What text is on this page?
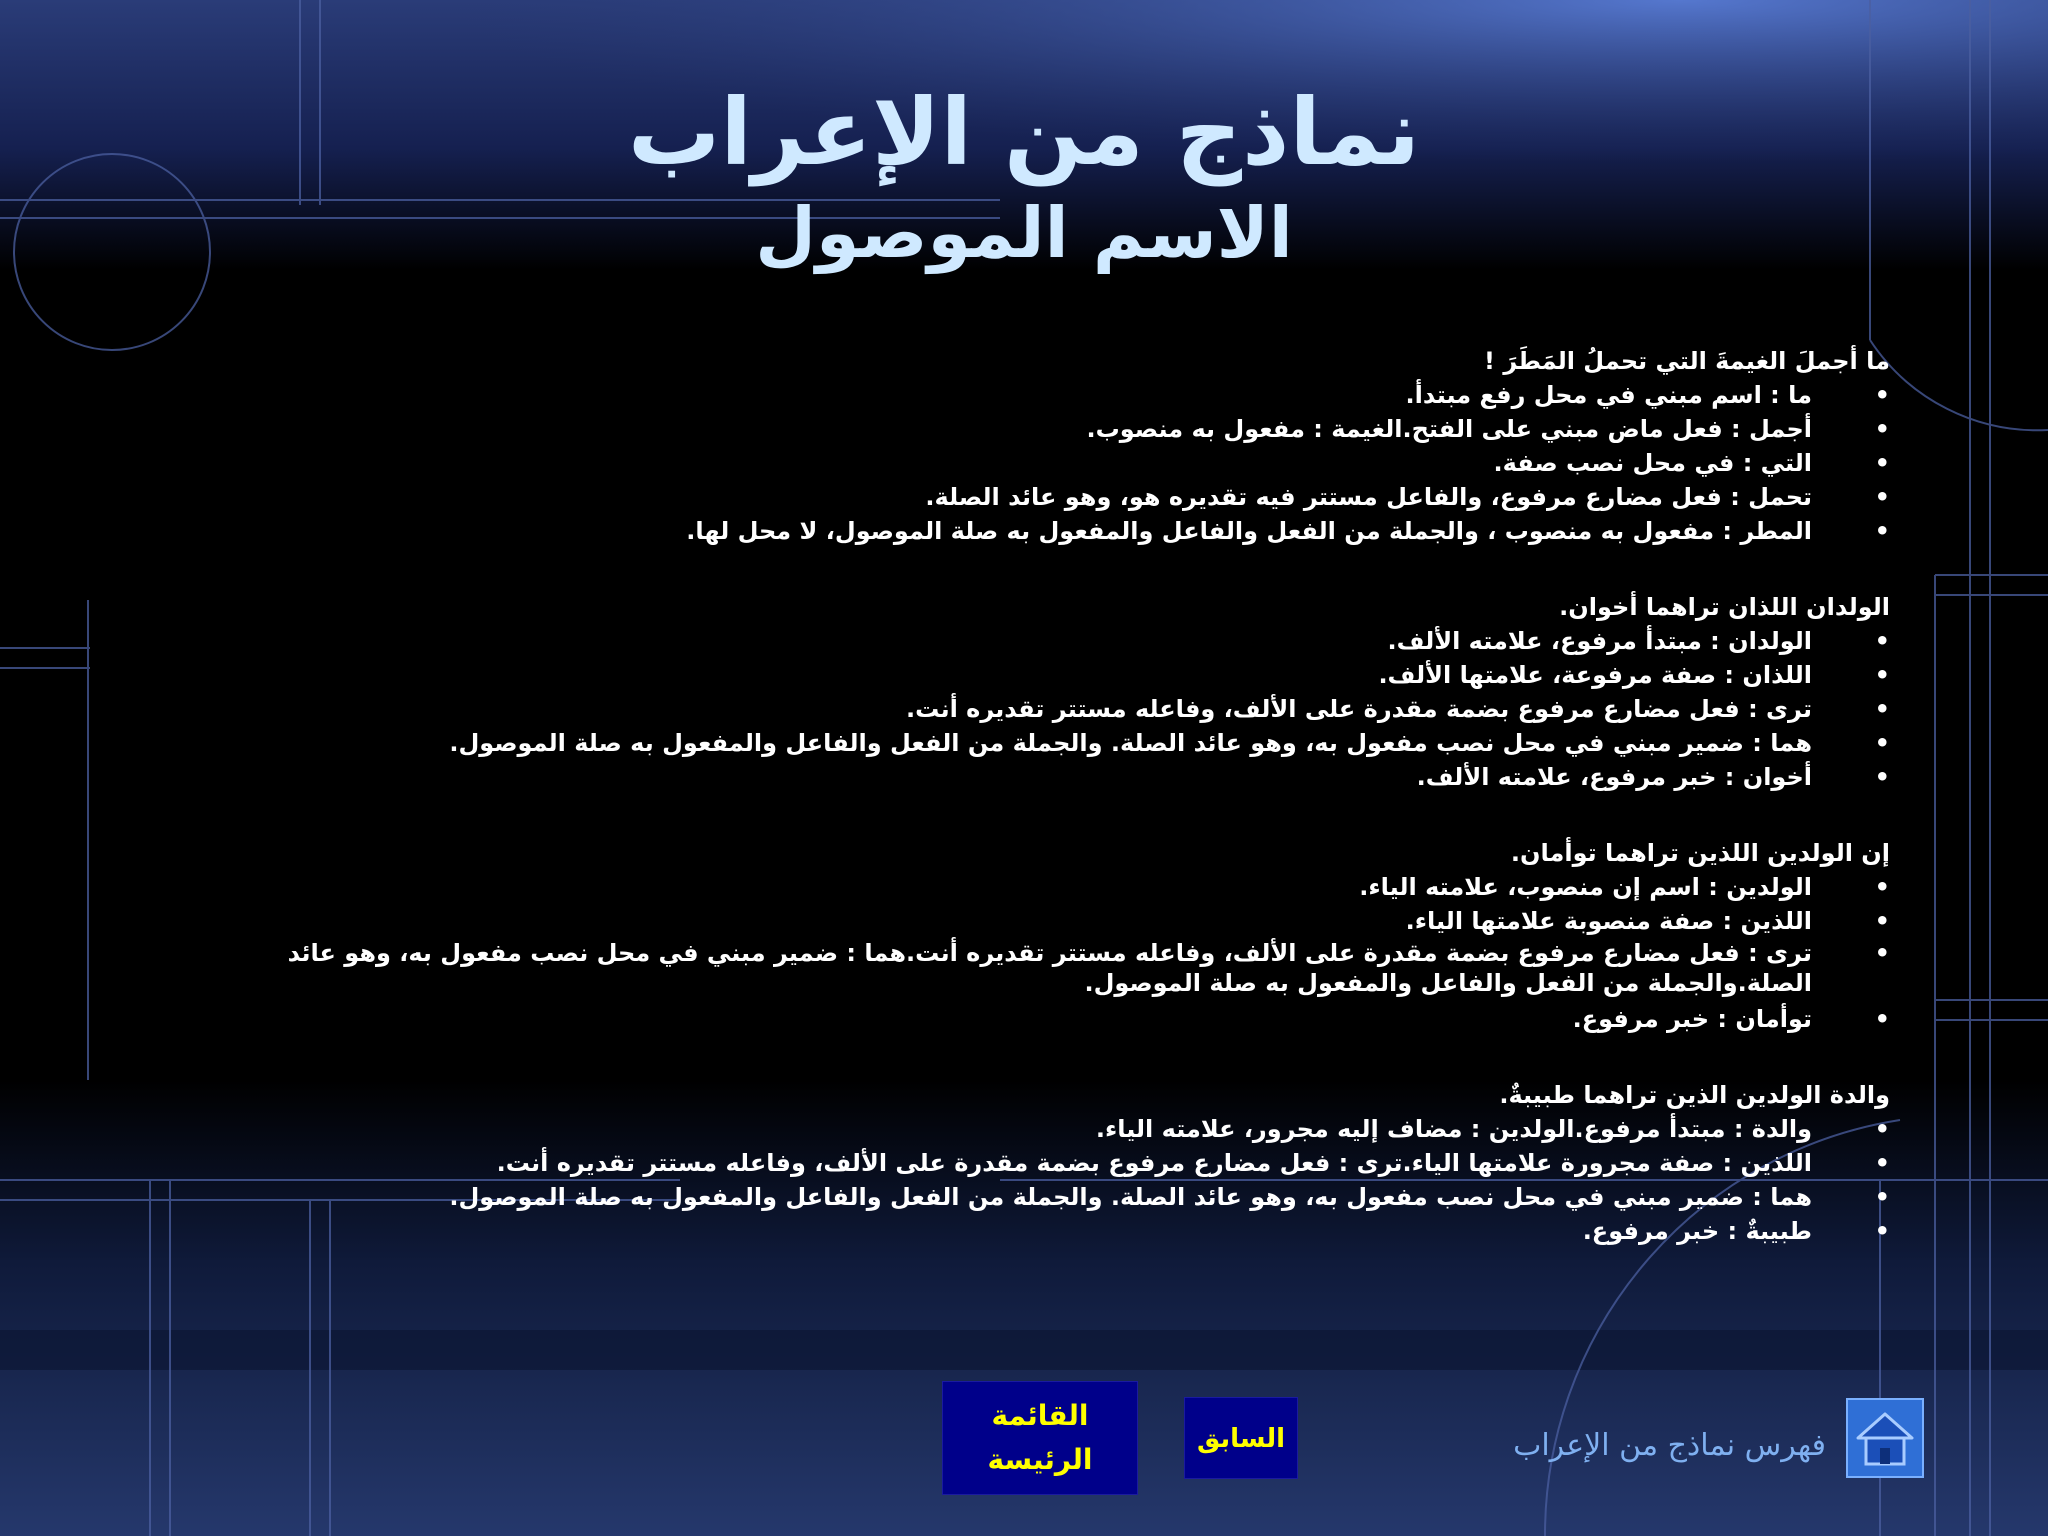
نماذج من الإعراب
الاسم الموصول
ما أجملَ الغيمةَ التي تحملُ المَطَرَ !
•
ما : اسم مبني في محل رفع مبتدأ.
•
أجمل : فعل ماض مبني على الفتح.الغيمة : مفعول به منصوب.
•
التي : في محل نصب صفة.
•
تحمل : فعل مضارع مرفوع، والفاعل مستتر فيه تقديره هو، وهو عائد الصلة.
•
المطر : مفعول به منصوب ، والجملة من الفعل والفاعل والمفعول به صلة الموصول، لا محل لها.
الولدان اللذان تراهما أخوان.
•
الولدان : مبتدأ مرفوع، علامته الألف.
•
اللذان : صفة مرفوعة، علامتها الألف.
•
ترى : فعل مضارع مرفوع بضمة مقدرة على الألف، وفاعله مستتر تقديره أنت.
•
هما : ضمير مبني في محل نصب مفعول به، وهو عائد الصلة. والجملة من الفعل والفاعل والمفعول به صلة الموصول.
•
أخوان : خبر مرفوع، علامته الألف.
إن الولدين اللذين تراهما توأمان.
•
الولدين : اسم إن منصوب، علامته الياء.
•
اللذين : صفة منصوبة علامتها الياء.
•
ترى : فعل مضارع مرفوع بضمة مقدرة على الألف، وفاعله مستتر تقديره أنت.هما : ضمير مبني في محل نصب مفعول به، وهو عائد الصلة.والجملة من الفعل والفاعل والمفعول به صلة الموصول.
•
توأمان : خبر مرفوع.
والدة الولدين الذين تراهما طبيبةٌ.
•
والدة : مبتدأ مرفوع.الولدين : مضاف إليه مجرور، علامته الياء.
•
اللذين : صفة مجرورة علامتها الياء.ترى : فعل مضارع مرفوع بضمة مقدرة على الألف، وفاعله مستتر تقديره أنت.
•
هما : ضمير مبني في محل نصب مفعول به، وهو عائد الصلة. والجملة من الفعل والفاعل والمفعول به صلة الموصول.
•
طبيبةٌ : خبر مرفوع.
فهرس نماذج من الإعراب
السابق
القائمة
الرئيسة
